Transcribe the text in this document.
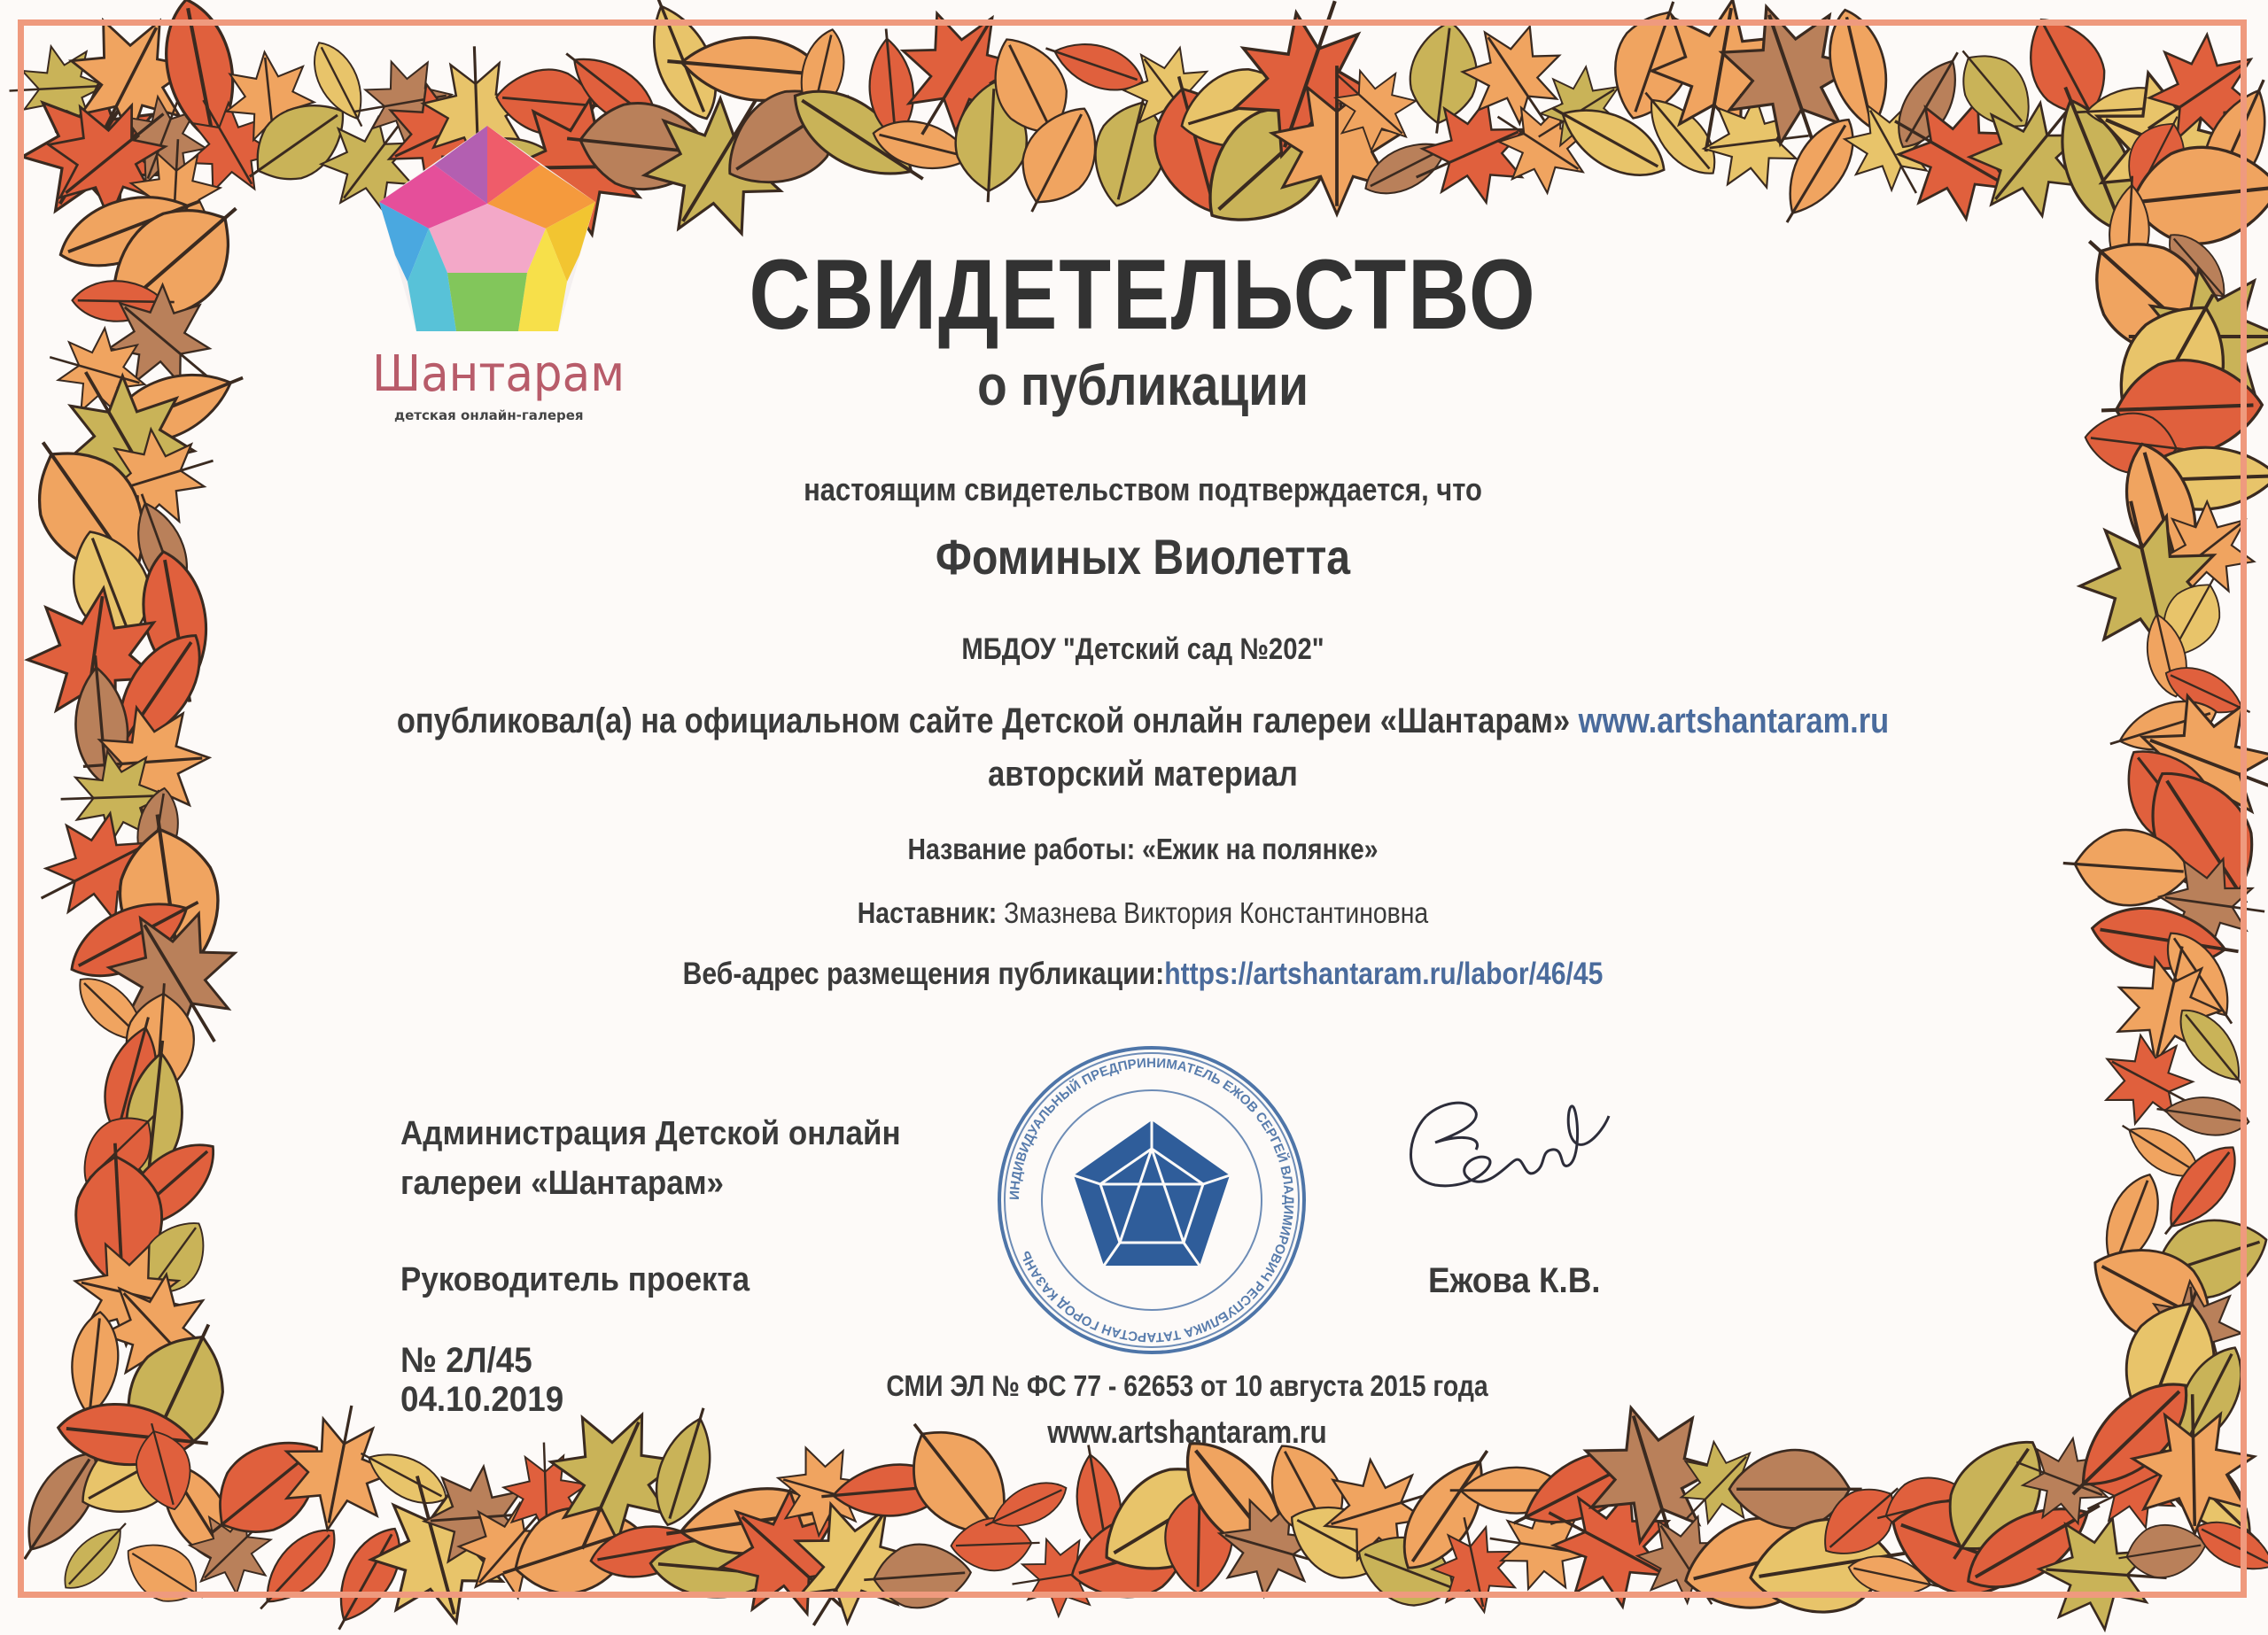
Шантарам
детская онлайн-галерея
СВИДЕТЕЛЬСТВО
о публикации
настоящим свидетельством подтверждается, что
Фоминых Виолетта
МБДОУ "Детский сад №202"
опубликовал(а) на официальном сайте Детской онлайн галереи «Шантарам» www.artshantaram.ru
авторский материал
Название работы: «Ежик на полянке»
Наставник: Змазнева Виктория Константиновна
Веб-адрес размещения публикации:https://artshantaram.ru/labor/46/45
Администрация Детской онлайн галереи «Шантарам»
Руководитель проекта	Ежова К.В.
№ 2Л/45
04.10.2019	СМИ ЭЛ № ФС 77 - 62653 от 10 августа 2015 года
www.artshantaram.ru
ИНДИВИДУАЛЬНЫЙ ПРЕДПРИНИМАТЕЛЬ ЕЖОВ СЕРГЕЙ ВЛАДИМИРОВИЧ РЕСПУБЛИКА ТАТАРСТАН ГОРОД КАЗАНЬ
